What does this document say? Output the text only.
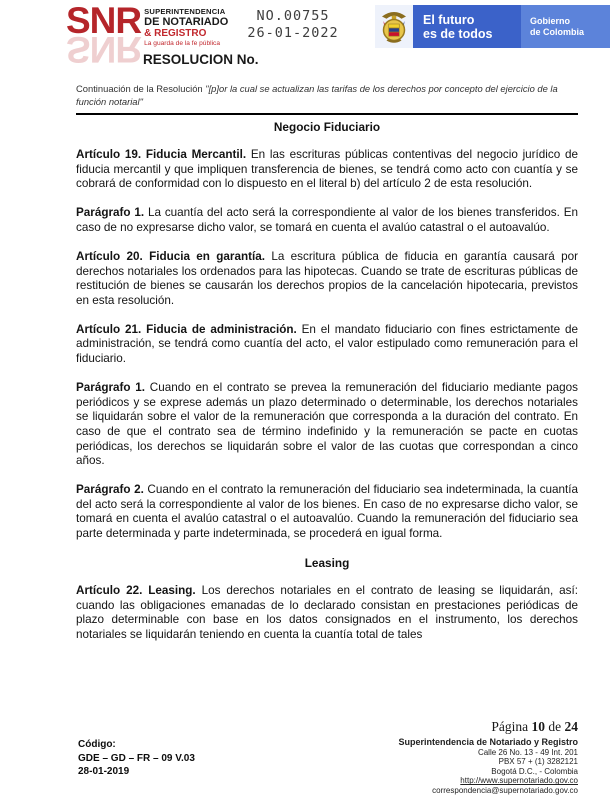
SNR
SNR
SUPERINTENDENCIA
DE NOTARIADO
& REGISTRO
La guarda de la fe pública
NO.00755
26-01-2022
El futuro
es de todos
Gobierno
de Colombia
RESOLUCION No.
Continuación de la Resolución "[p]or la cual se actualizan las tarifas de los derechos por concepto del ejercicio de la función notarial"
Negocio Fiduciario

Artículo 19. Fiducia Mercantil. En las escrituras públicas contentivas del negocio jurídico de fiducia mercantil y que impliquen transferencia de bienes, se tendrá como acto con cuantía y se cobrará de conformidad con lo dispuesto en el literal b) del artículo 2 de esta resolución.

Parágrafo 1. La cuantía del acto será la correspondiente al valor de los bienes transferidos. En caso de no expresarse dicho valor, se tomará en cuenta el avalúo catastral o el autoavalúo.

Artículo 20. Fiducia en garantía. La escritura pública de fiducia en garantía causará por derechos notariales los ordenados para las hipotecas. Cuando se trate de escrituras públicas de restitución de bienes se causarán los derechos propios de la cancelación hipotecaria, previstos en esta resolución.

Artículo 21. Fiducia de administración. En el mandato fiduciario con fines estrictamente de administración, se tendrá como cuantía del acto, el valor estipulado como remuneración para el fiduciario.

Parágrafo 1. Cuando en el contrato se prevea la remuneración del fiduciario mediante pagos periódicos y se exprese además un plazo determinado o determinable, los derechos notariales se liquidarán sobre el valor de la remuneración que corresponda a la duración del contrato. En caso de que el contrato sea de término indefinido y la remuneración se pacte en cuotas periódicas, los derechos se liquidarán sobre el valor de las cuotas que correspondan a cinco años.

Parágrafo 2. Cuando en el contrato la remuneración del fiduciario sea indeterminada, la cuantía del acto será la correspondiente al valor de los bienes. En caso de no expresarse dicho valor, se tomará en cuenta el avalúo catastral o el autoavalúo. Cuando la remuneración del fiduciario sea parte determinada y parte indeterminada, se procederá en igual forma.

Leasing

Artículo 22. Leasing. Los derechos notariales en el contrato de leasing se liquidarán, así: cuando las obligaciones emanadas de lo declarado consistan en prestaciones periódicas de plazo determinable con base en los datos consignados en el instrumento, los derechos notariales se liquidarán teniendo en cuenta la cuantía total de tales

Página 10 de 24
Código:
GDE – GD – FR – 09 V.03
28-01-2019
Superintendencia de Notariado y Registro
Calle 26 No. 13 - 49 Int. 201
PBX 57 + (1) 3282121
Bogotá D.C., - Colombia
http://www.supernotariado.gov.co
correspondencia@supernotariado.gov.co
